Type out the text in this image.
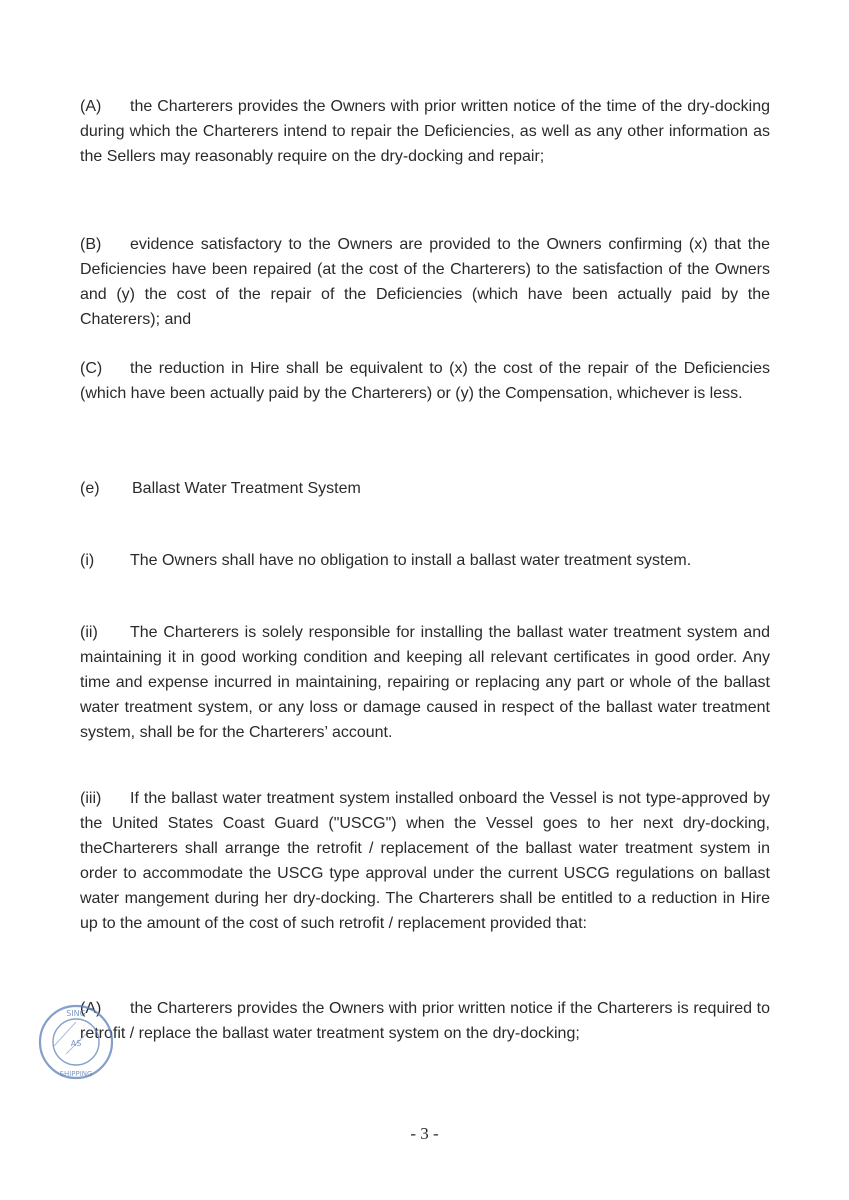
(A) the Charterers provides the Owners with prior written notice of the time of the dry-docking during which the Charterers intend to repair the Deficiencies, as well as any other information as the Sellers may reasonably require on the dry-docking and repair;

(B) evidence satisfactory to the Owners are provided to the Owners confirming (x) that the Deficiencies have been repaired (at the cost of the Charterers) to the satisfaction of the Owners and (y) the cost of the repair of the Deficiencies (which have been actually paid by the Chaterers); and

(C) the reduction in Hire shall be equivalent to (x) the cost of the repair of the Deficiencies (which have been actually paid by the Charterers) or (y) the Compensation, whichever is less.

(e) Ballast Water Treatment System

(i) The Owners shall have no obligation to install a ballast water treatment system.

(ii) The Charterers is solely responsible for installing the ballast water treatment system and maintaining it in good working condition and keeping all relevant certificates in good order. Any time and expense incurred in maintaining, repairing or replacing any part or whole of the ballast water treatment system, or any loss or damage caused in respect of the ballast water treatment system, shall be for the Charterers’ account.

(iii) If the ballast water treatment system installed onboard the Vessel is not type-approved by the United States Coast Guard ("USCG") when the Vessel goes to her next dry-docking, theCharterers shall arrange the retrofit / replacement of the ballast water treatment system in order to accommodate the USCG type approval under the current USCG regulations on ballast water mangement during her dry-docking. The Charterers shall be entitled to a reduction in Hire up to the amount of the cost of such retrofit / replacement provided that:

(A) the Charterers provides the Owners with prior written notice if the Charterers is required to retrofit / replace the ballast water treatment system on the dry-docking;

SING
AS
SHIPPING
- 3 -
